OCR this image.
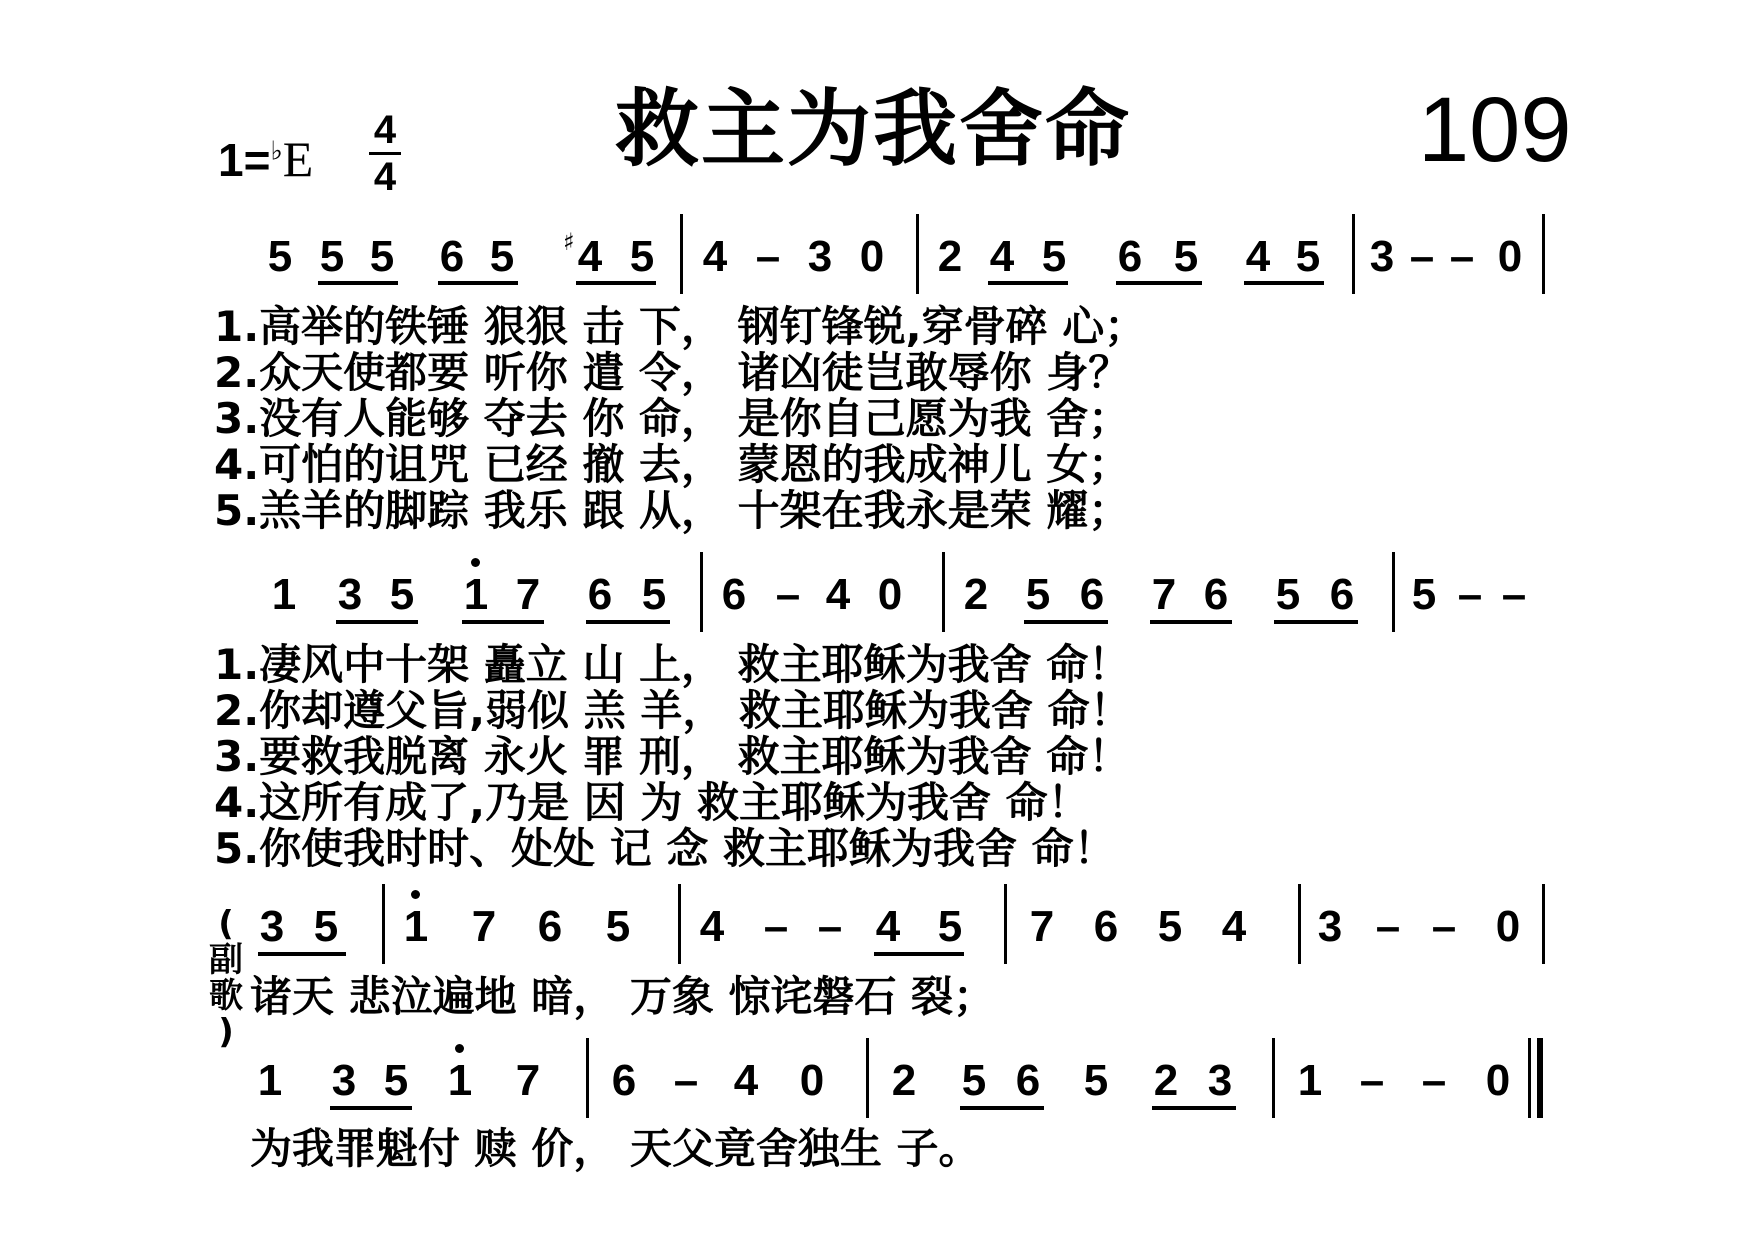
救主为我舍命	109
1=♭E
4
4
5 5 5 6 5	♯ 4 5 4 – 3 0 2 4 5 6 5 4 5 3 – – 0
1.高举的铁锤 狠狠 击 下， 钢钉锋锐,穿骨碎 心；
2.众天使都要 听你 遣 令， 诸凶徒岂敢辱你 身？
3.没有人能够 夺去 你 命， 是你自己愿为我 舍；
4.可怕的诅咒 已经 撤 去， 蒙恩的我成神儿 女；
5.羔羊的脚踪 我乐 跟 从， 十架在我永是荣 耀；
1 3 5 1 7 6 5 6 – 4 0 2 5 6 7 6 5 6 5 – –
1.凄风中十架 矗立 山 上， 救主耶稣为我舍 命！
2.你却遵父旨,弱似 羔 羊， 救主耶稣为我舍 命！
3.要救我脱离 永火 罪 刑， 救主耶稣为我舍 命！
4.这所有成了,乃是 因 为 救主耶稣为我舍 命！
5.你使我时时、处处 记 念 救主耶稣为我舍 命！
(
副歌
)
3 5 1 7 6 5 4 – – 4 5 7 6 5 4 3 – – 0
诸天 悲泣遍地 暗， 万象 惊诧磐石 裂；
1 3 5 1 7 6 – 4 0 2 5 6 5 2 3 1 – – 0
为我罪魁付 赎 价， 天父竟舍独生 子。
